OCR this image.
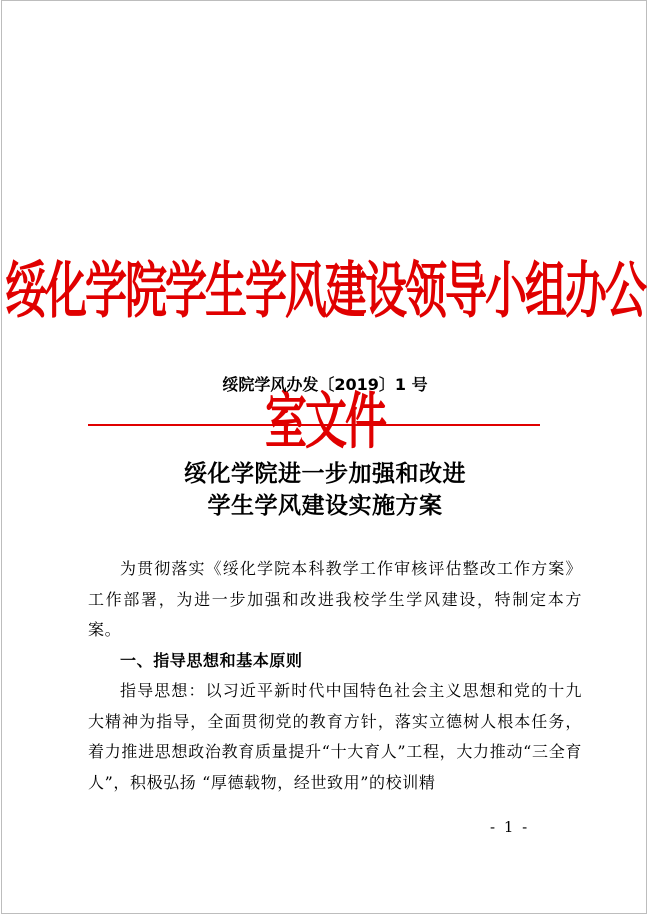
绥化学院学生学风建设领导小组办公室文件
绥院学风办发〔2019〕1 号
绥化学院进一步加强和改进
学生学风建设实施方案

为贯彻落实《绥化学院本科教学工作审核评估整改工作方案》工作部署，为进一步加强和改进我校学生学风建设，特制定本方案。

一、指导思想和基本原则

指导思想：以习近平新时代中国特色社会主义思想和党的十九大精神为指导，全面贯彻党的教育方针，落实立德树人根本任务，着力推进思想政治教育质量提升“十大育人”工程，大力推动“三全育人”，积极弘扬 “厚德载物，经世致用”的校训精

- 1 -
